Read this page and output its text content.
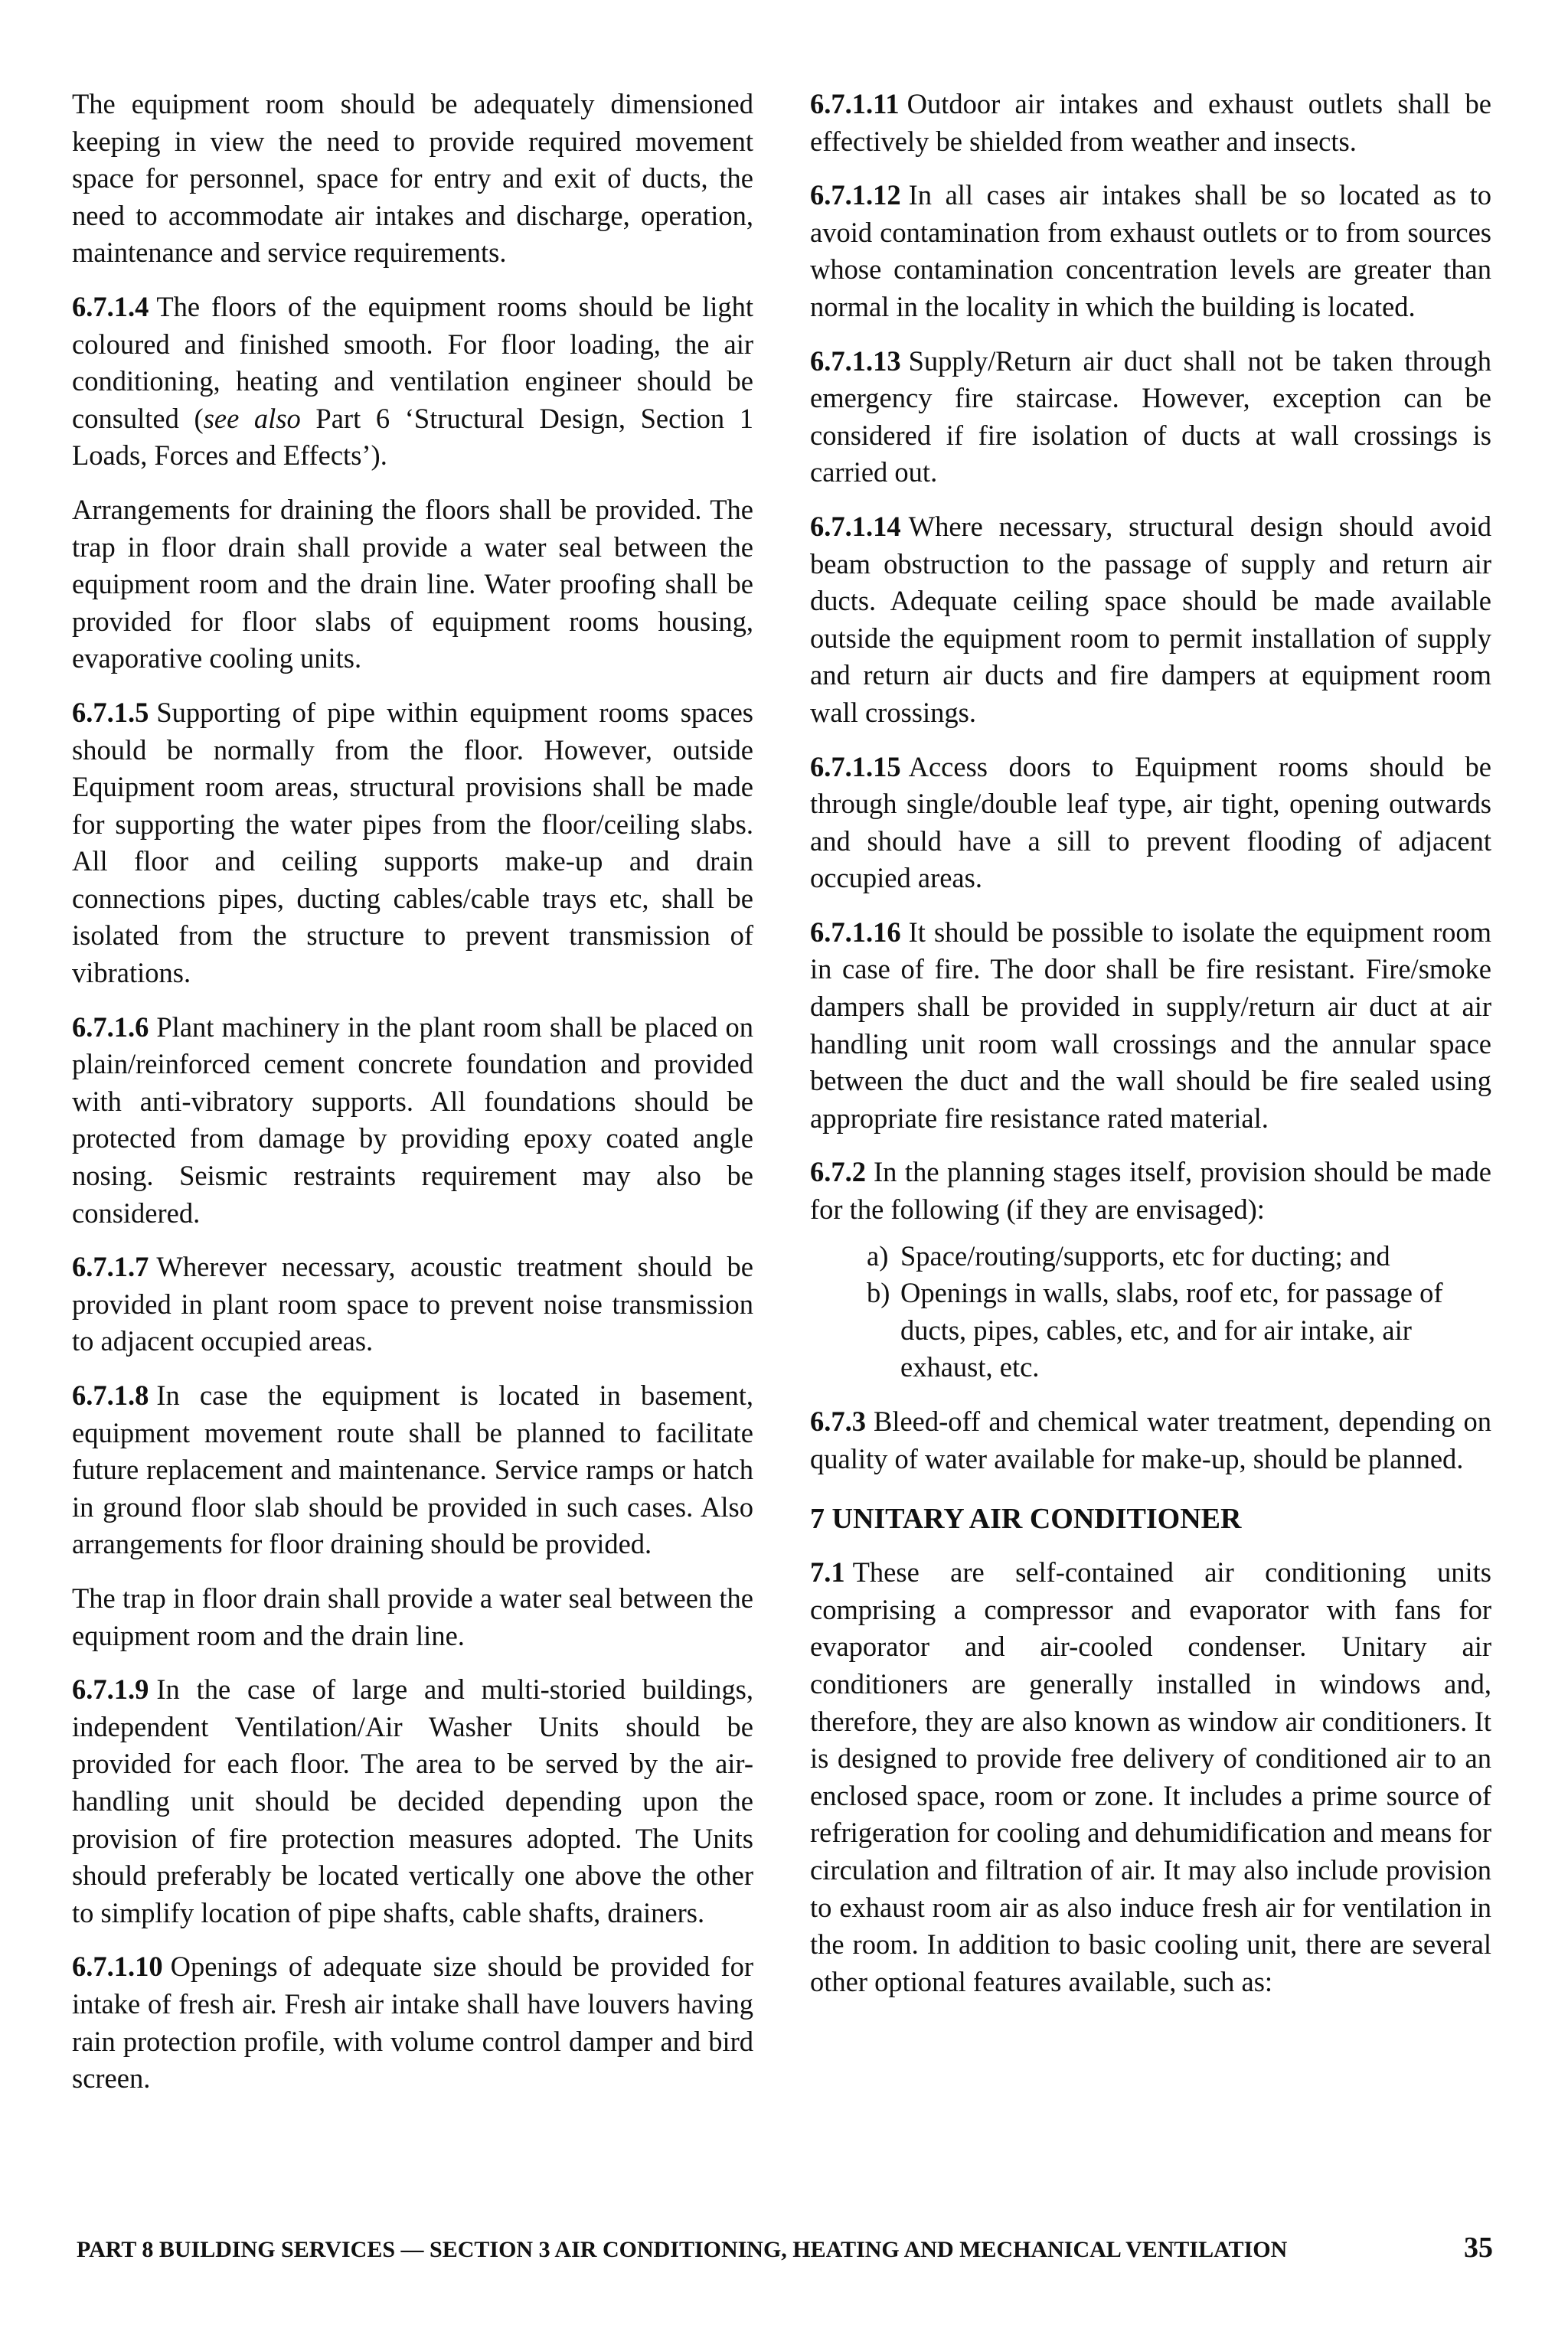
The equipment room should be adequately dimensioned keeping in view the need to provide required movement space for personnel, space for entry and exit of ducts, the need to accommodate air intakes and discharge, operation, maintenance and service requirements.

6.7.1.4 The floors of the equipment rooms should be light coloured and finished smooth. For floor loading, the air conditioning, heating and ventilation engineer should be consulted (see also Part 6 ‘Structural Design, Section 1 Loads, Forces and Effects’).

Arrangements for draining the floors shall be provided. The trap in floor drain shall provide a water seal between the equipment room and the drain line. Water proofing shall be provided for floor slabs of equipment rooms housing, evaporative cooling units.

6.7.1.5 Supporting of pipe within equipment rooms spaces should be normally from the floor. However, outside Equipment room areas, structural provisions shall be made for supporting the water pipes from the floor/ceiling slabs. All floor and ceiling supports make-up and drain connections pipes, ducting cables/cable trays etc, shall be isolated from the structure to prevent transmission of vibrations.

6.7.1.6 Plant machinery in the plant room shall be placed on plain/reinforced cement concrete foundation and provided with anti-vibratory supports. All foundations should be protected from damage by providing epoxy coated angle nosing. Seismic restraints requirement may also be considered.

6.7.1.7 Wherever necessary, acoustic treatment should be provided in plant room space to prevent noise transmission to adjacent occupied areas.

6.7.1.8 In case the equipment is located in basement, equipment movement route shall be planned to facilitate future replacement and maintenance. Service ramps or hatch in ground floor slab should be provided in such cases. Also arrangements for floor draining should be provided.

The trap in floor drain shall provide a water seal between the equipment room and the drain line.

6.7.1.9 In the case of large and multi-storied buildings, independent Ventilation/Air Washer Units should be provided for each floor. The area to be served by the air-handling unit should be decided depending upon the provision of fire protection measures adopted. The Units should preferably be located vertically one above the other to simplify location of pipe shafts, cable shafts, drainers.

6.7.1.10 Openings of adequate size should be provided for intake of fresh air. Fresh air intake shall have louvers having rain protection profile, with volume control damper and bird screen.

6.7.1.11 Outdoor air intakes and exhaust outlets shall be effectively be shielded from weather and insects.

6.7.1.12 In all cases air intakes shall be so located as to avoid contamination from exhaust outlets or to from sources whose contamination concentration levels are greater than normal in the locality in which the building is located.

6.7.1.13 Supply/Return air duct shall not be taken through emergency fire staircase. However, exception can be considered if fire isolation of ducts at wall crossings is carried out.

6.7.1.14 Where necessary, structural design should avoid beam obstruction to the passage of supply and return air ducts. Adequate ceiling space should be made available outside the equipment room to permit installation of supply and return air ducts and fire dampers at equipment room wall crossings.

6.7.1.15 Access doors to Equipment rooms should be through single/double leaf type, air tight, opening outwards and should have a sill to prevent flooding of adjacent occupied areas.

6.7.1.16 It should be possible to isolate the equipment room in case of fire. The door shall be fire resistant. Fire/smoke dampers shall be provided in supply/return air duct at air handling unit room wall crossings and the annular space between the duct and the wall should be fire sealed using appropriate fire resistance rated material.

6.7.2 In the planning stages itself, provision should be made for the following (if they are envisaged):

a) Space/routing/supports, etc for ducting; and
b) Openings in walls, slabs, roof etc, for passage of ducts, pipes, cables, etc, and for air intake, air exhaust, etc.

6.7.3 Bleed-off and chemical water treatment, depending on quality of water available for make-up, should be planned.

7 UNITARY AIR CONDITIONER

7.1 These are self-contained air conditioning units comprising a compressor and evaporator with fans for evaporator and air-cooled condenser. Unitary air conditioners are generally installed in windows and, therefore, they are also known as window air conditioners. It is designed to provide free delivery of conditioned air to an enclosed space, room or zone. It includes a prime source of refrigeration for cooling and dehumidification and means for circulation and filtration of air. It may also include provision to exhaust room air as also induce fresh air for ventilation in the room. In addition to basic cooling unit, there are several other optional features available, such as:

PART 8 BUILDING SERVICES — SECTION 3 AIR CONDITIONING, HEATING AND MECHANICAL VENTILATION	35
